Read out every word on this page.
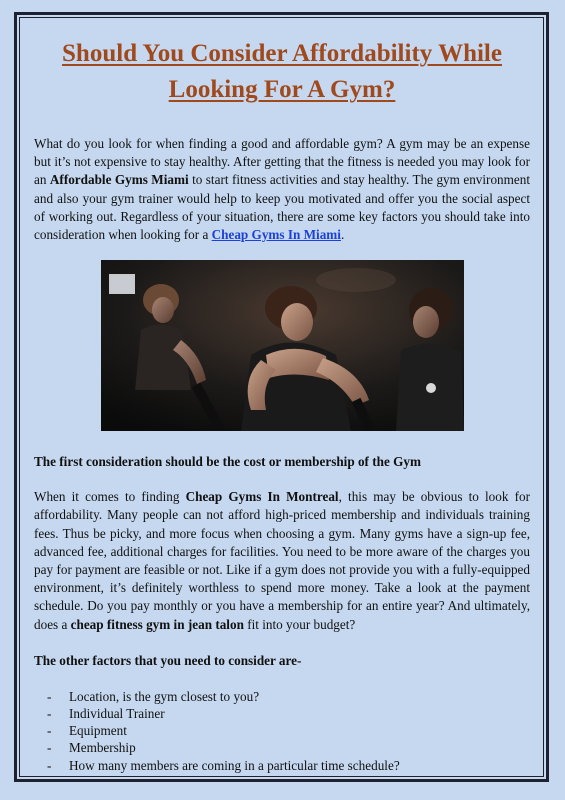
Should You Consider Affordability While Looking For A Gym?

What do you look for when finding a good and affordable gym? A gym may be an expense but it’s not expensive to stay healthy. After getting that the fitness is needed you may look for an Affordable Gyms Miami to start fitness activities and stay healthy. The gym environment and also your gym trainer would help to keep you motivated and offer you the social aspect of working out. Regardless of your situation, there are some key factors you should take into consideration when looking for a Cheap Gyms In Miami.

The first consideration should be the cost or membership of the Gym

When it comes to finding Cheap Gyms In Montreal, this may be obvious to look for affordability. Many people can not afford high-priced membership and individuals training fees. Thus be picky, and more focus when choosing a gym. Many gyms have a sign-up fee, advanced fee, additional charges for facilities. You need to be more aware of the charges you pay for payment are feasible or not. Like if a gym does not provide you with a fully-equipped environment, it’s definitely worthless to spend more money. Take a look at the payment schedule. Do you pay monthly or you have a membership for an entire year? And ultimately, does a cheap fitness gym in jean talon fit into your budget?

The other factors that you need to consider are-
-	Location, is the gym closest to you?
-	Individual Trainer
-	Equipment
-	Membership
-	How many members are coming in a particular time schedule?
